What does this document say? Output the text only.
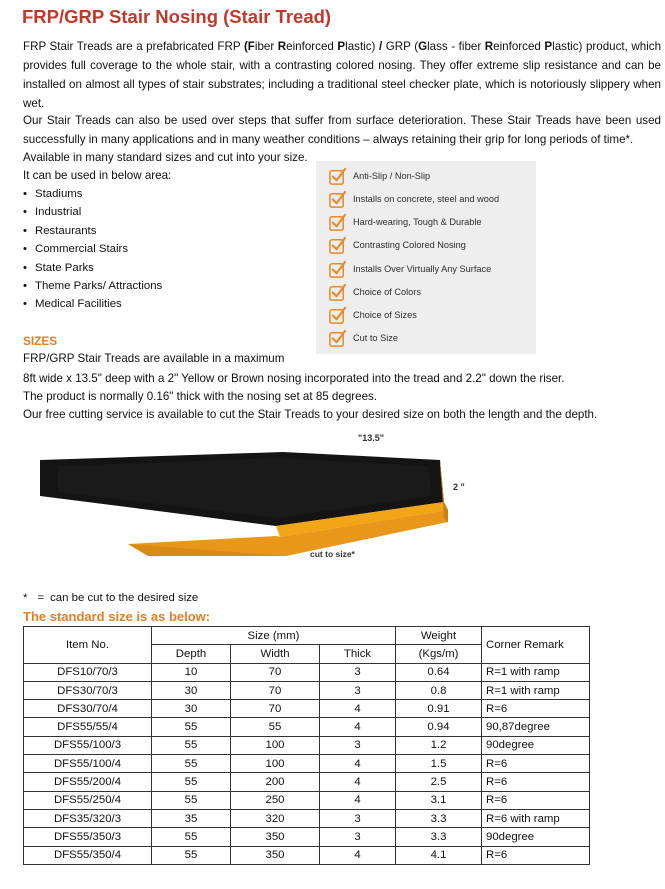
FRP/GRP Stair Nosing (Stair Tread)

FRP Stair Treads are a prefabricated FRP (Fiber Reinforced Plastic) / GRP (Glass - fiber Reinforced Plastic) product, which provides full coverage to the whole stair, with a contrasting colored nosing. They offer extreme slip resistance and can be installed on almost all types of stair substrates; including a traditional steel checker plate, which is notoriously slippery when wet.

Our Stair Treads can also be used over steps that suffer from surface deterioration. These Stair Treads have been used successfully in many applications and in many weather conditions – always retaining their grip for long periods of time*.

Available in many standard sizes and cut into your size.
It can be used in below area:
• Stadiums
• Industrial
• Restaurants
• Commercial Stairs
• State Parks
• Theme Parks/ Attractions
• Medical Facilities
Anti-Slip / Non-Slip
Installs on concrete, steel and wood
Hard-wearing, Tough & Durable
Contrasting Colored Nosing
Installs Over Virtually Any Surface
Choice of Colors
Choice of Sizes
Cut to Size
SIZES
FRP/GRP Stair Treads are available in a maximum
8ft wide x 13.5" deep with a 2" Yellow or Brown nosing incorporated into the tread and 2.2" down the riser.
The product is normally 0.16" thick with the nosing set at 85 degrees.
Our free cutting service is available to cut the Stair Treads to your desired size on both the length and the depth.
"13.5"
2 "
cut to size*
* = can be cut to the desired size
The standard size is as below:
Item No.	Size (mm)			Weight	Corner Remark
	Depth	Width	Thick	(Kgs/m)	
DFS10/70/3	10	70	3	0.64	R=1 with ramp
DFS30/70/3	30	70	3	0.8	R=1 with ramp
DFS30/70/4	30	70	4	0.91	R=6
DFS55/55/4	55	55	4	0.94	90,87degree
DFS55/100/3	55	100	3	1.2	90degree
DFS55/100/4	55	100	4	1.5	R=6
DFS55/200/4	55	200	4	2.5	R=6
DFS55/250/4	55	250	4	3.1	R=6
DFS35/320/3	35	320	3	3.3	R=6 with ramp
DFS55/350/3	55	350	3	3.3	90degree
DFS55/350/4	55	350	4	4.1	R=6
